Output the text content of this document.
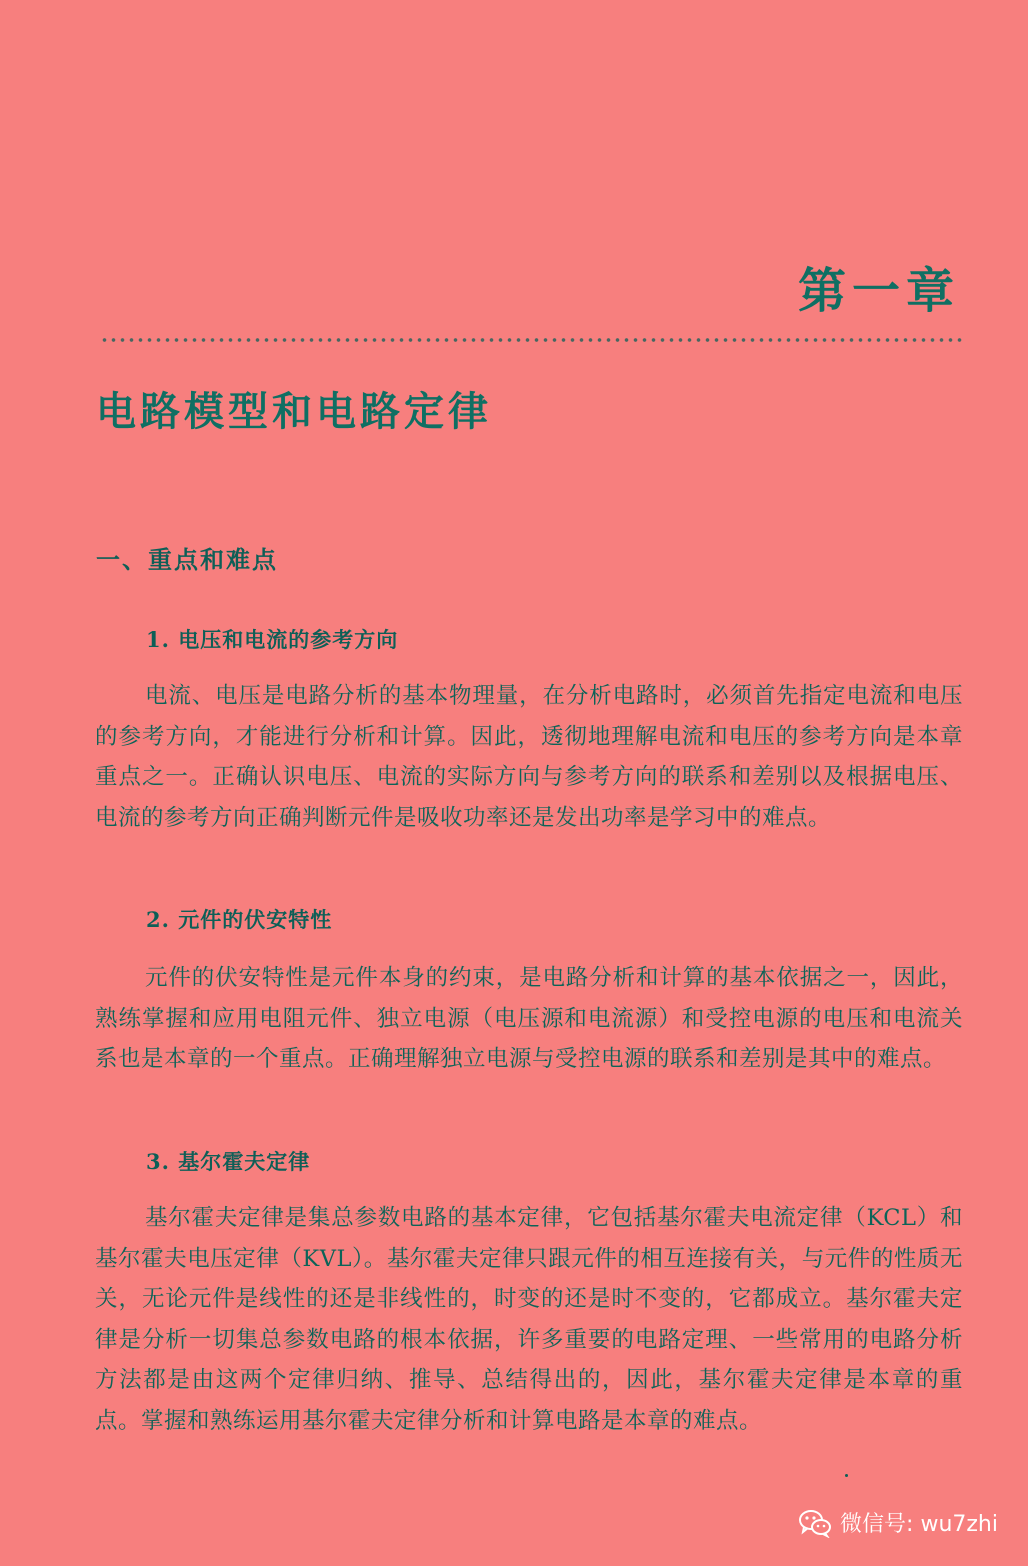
第一章
电路模型和电路定律
一、重点和难点
1. 电压和电流的参考方向
电流、电压是电路分析的基本物理量，在分析电路时，必须首先指定电流和电压的参考方向，才能进行分析和计算。因此，透彻地理解电流和电压的参考方向是本章重点之一。正确认识电压、电流的实际方向与参考方向的联系和差别以及根据电压、电流的参考方向正确判断元件是吸收功率还是发出功率是学习中的难点。
2. 元件的伏安特性
元件的伏安特性是元件本身的约束，是电路分析和计算的基本依据之一，因此，熟练掌握和应用电阻元件、独立电源（电压源和电流源）和受控电源的电压和电流关系也是本章的一个重点。正确理解独立电源与受控电源的联系和差别是其中的难点。
3. 基尔霍夫定律
基尔霍夫定律是集总参数电路的基本定律，它包括基尔霍夫电流定律（KCL）和基尔霍夫电压定律（KVL）。基尔霍夫定律只跟元件的相互连接有关，与元件的性质无关，无论元件是线性的还是非线性的，时变的还是时不变的，它都成立。基尔霍夫定律是分析一切集总参数电路的根本依据，许多重要的电路定理、一些常用的电路分析方法都是由这两个定律归纳、推导、总结得出的，因此，基尔霍夫定律是本章的重点。掌握和熟练运用基尔霍夫定律分析和计算电路是本章的难点。
微信号: wu7zhi
